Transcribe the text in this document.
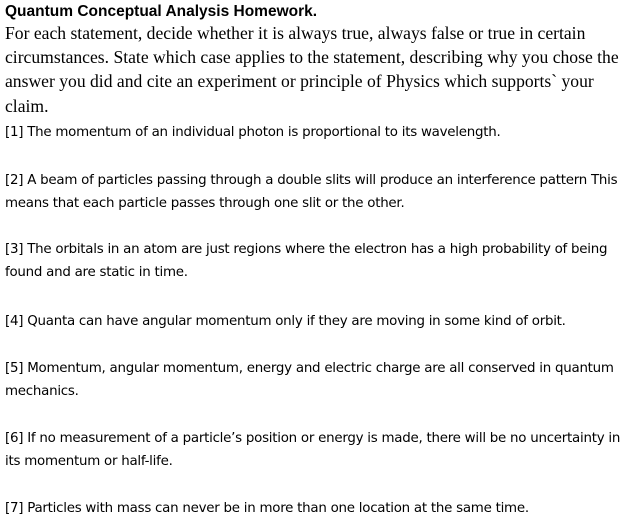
Quantum Conceptual Analysis Homework.
For each statement, decide whether it is always true, always false or true in certain circumstances. State which case applies to the statement, describing why you chose the answer you did and cite an experiment or principle of Physics which supports` your claim.
[1] The momentum of an individual photon is proportional to its wavelength.
[2] A beam of particles passing through a double slits will produce an interference pattern This means that each particle passes through one slit or the other.
[3] The orbitals in an atom are just regions where the electron has a high probability of being found and are static in time.
[4] Quanta can have angular momentum only if they are moving in some kind of orbit.
[5] Momentum, angular momentum, energy and electric charge are all conserved in quantum mechanics.
[6] If no measurement of a particle’s position or energy is made, there will be no uncertainty in its momentum or half-life.
[7] Particles with mass can never be in more than one location at the same time.
